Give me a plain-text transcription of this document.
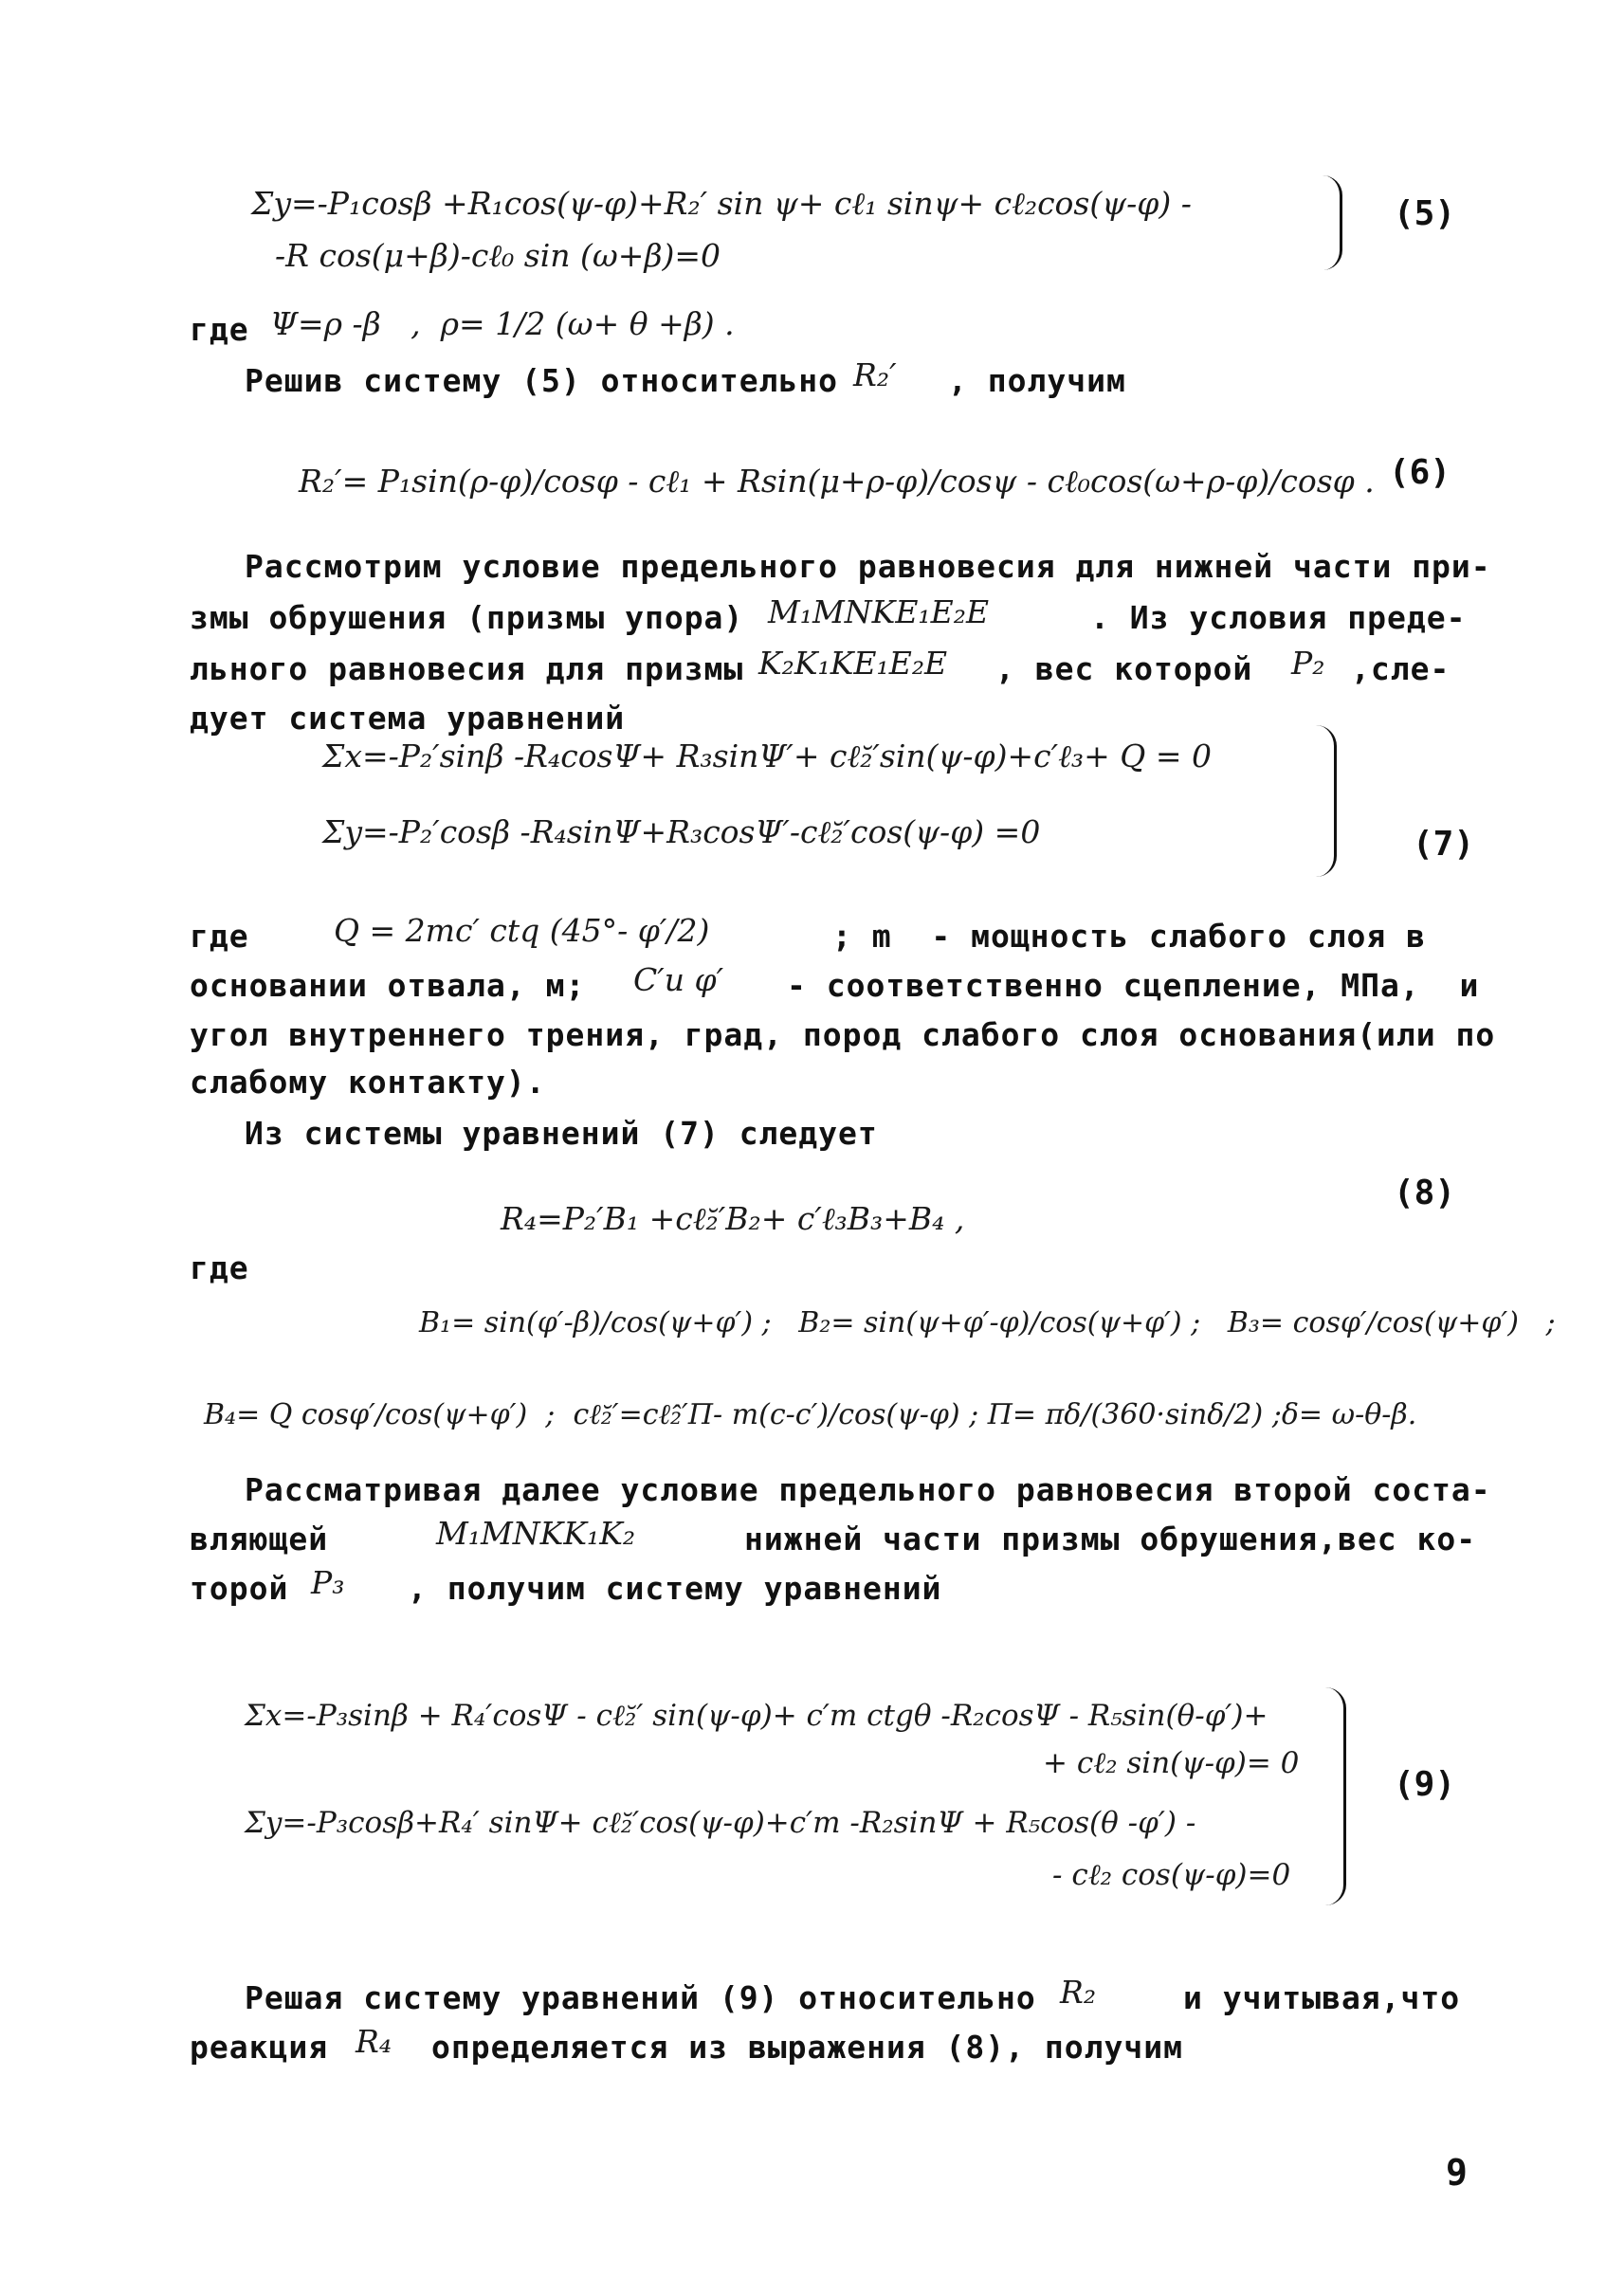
Σy=-P₁cosβ +R₁cos(ψ-φ)+R₂′ sin ψ+ cℓ₁ sinψ+ cℓ₂cos(ψ-φ) -
-R cos(μ+β)-cℓ₀ sin (ω+β)=0
(5)
где Ψ=ρ -β   ,  ρ= 1/2 (ω+ θ +β) .
Решив систему (5) относительно R₂′ , получим
R₂′= P₁sin(ρ-φ)/cosφ - cℓ₁ + Rsin(μ+ρ-φ)/cosψ - cℓ₀cos(ω+ρ-φ)/cosφ . (6)
Рассмотрим условие предельного равновесия для нижней части при-
змы обрушения (призмы упора) M₁MNKE₁E₂E	. Из условия преде-
льного равновесия для призмы K₂K₁KE₁E₂E , вес которой P₂ ,сле-
дует система уравнений
Σx=-P₂′sinβ -R₄cosΨ+ R₃sinΨ′+ cℓ̆₂′sin(ψ-φ)+c′ℓ₃+ Q = 0
Σy=-P₂′cosβ -R₄sinΨ+R₃cosΨ′-cℓ̆₂′cos(ψ-φ) =0	(7)
где	Q = 2mc′ ctq (45°- φ′/2)	; m  - мощность слабого слоя в
основании отвала, м; C′и φ′ - соответственно сцепление, МПа,  и
угол внутреннего трения, град, пород слабого слоя основания(или по
слабому контакту).
Из системы уравнений (7) следует
R₄=P₂′B₁ +cℓ̆₂′B₂+ c′ℓ₃B₃+B₄ ,
(8)
где
B₁= sin(φ′-β)/cos(ψ+φ′) ;   B₂= sin(ψ+φ′-φ)/cos(ψ+φ′) ;   B₃= cosφ′/cos(ψ+φ′)   ;
B₄= Q cosφ′/cos(ψ+φ′)  ;  cℓ̆₂′=cℓ̂₂′Π- m(c-c′)/cos(ψ-φ) ; Π= πδ/(360·sinδ/2) ;δ= ω-θ-β.
Рассматривая далее условие предельного равновесия второй соста-
вляющей	M₁MNKK₁K₂	нижней части призмы обрушения,вес ко-
торой P₃ , получим систему уравнений
Σx=-P₃sinβ + R₄′cosΨ - cℓ̆₂′ sin(ψ-φ)+ c′m ctgθ -R₂cosΨ - R₅sin(θ-φ′)+
+ cℓ₂ sin(ψ-φ)= 0
Σy=-P₃cosβ+R₄′ sinΨ+ cℓ̆₂′cos(ψ-φ)+c′m -R₂sinΨ + R₅cos(θ -φ′) -
- cℓ₂ cos(ψ-φ)=0
(9)
Решая систему уравнений (9) относительно R₂	и учитывая,что
реакция R₄ определяется из выражения (8), получим
9
